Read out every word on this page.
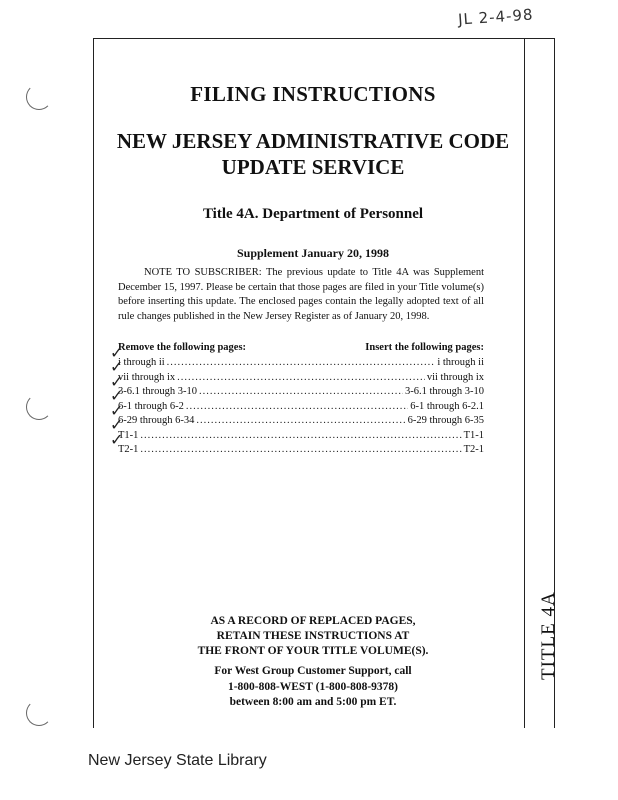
JL 2-4-98
TITLE 4A
FILING INSTRUCTIONS
NEW JERSEY ADMINISTRATIVE CODE
UPDATE SERVICE
Title 4A. Department of Personnel
Supplement January 20, 1998
NOTE TO SUBSCRIBER: The previous update to Title 4A was Supplement December 15, 1997. Please be certain that those pages are filed in your Title volume(s) before inserting this update. The enclosed pages contain the legally adopted text of all rule changes published in the New Jersey Register as of January 20, 1998.
Remove the following pages:	Insert the following pages:
i through ii .....	i through ii
vii through ix .....	vii through ix
3-6.1 through 3-10 .....	3-6.1 through 3-10
6-1 through 6-2 .....	6-1 through 6-2.1
6-29 through 6-34 .....	6-29 through 6-35
T1-1 .....	T1-1
T2-1 .....	T2-1
AS A RECORD OF REPLACED PAGES,
RETAIN THESE INSTRUCTIONS AT
THE FRONT OF YOUR TITLE VOLUME(S).
For West Group Customer Support, call
1-800-808-WEST (1-800-808-9378)
between 8:00 am and 5:00 pm ET.
✓
✓
✓
✓
✓
✓
✓
New Jersey State Library
